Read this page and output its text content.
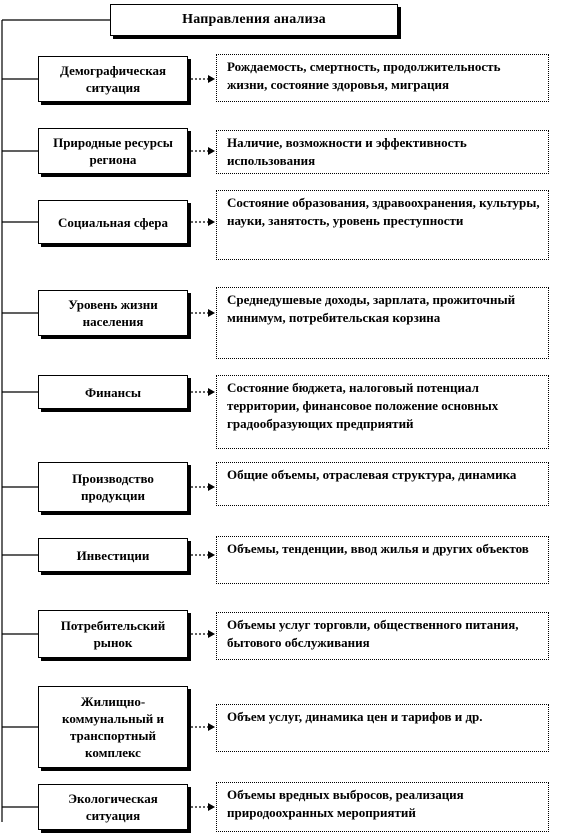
Направления анализа
Демографическая ситуация
Рождаемость, смертность, продолжительность жизни, состояние здоровья, миграция
Природные ресурсы региона
Наличие, возможности и эффективность использования
Социальная сфера
Состояние образования, здравоохранения, культуры, науки, занятость, уровень преступности
Уровень жизни населения
Среднедушевые доходы, зарплата, прожиточный минимум, потребительская корзина
Финансы	Состояние бюджета, налоговый потенциал территории, финансовое положение основных градообразующих предприятий
Производство продукции
Общие объемы, отраслевая структура, динамика
Инвестиции	Объемы, тенденции, ввод жилья и других объектов
Потребительский рынок
Объемы услуг торговли, общественного питания, бытового обслуживания
Жилищно-коммунальный и транспортный комплекс
Объем услуг, динамика цен и тарифов и др.
Экологическая ситуация
Объемы вредных выбросов, реализация природоохранных мероприятий
